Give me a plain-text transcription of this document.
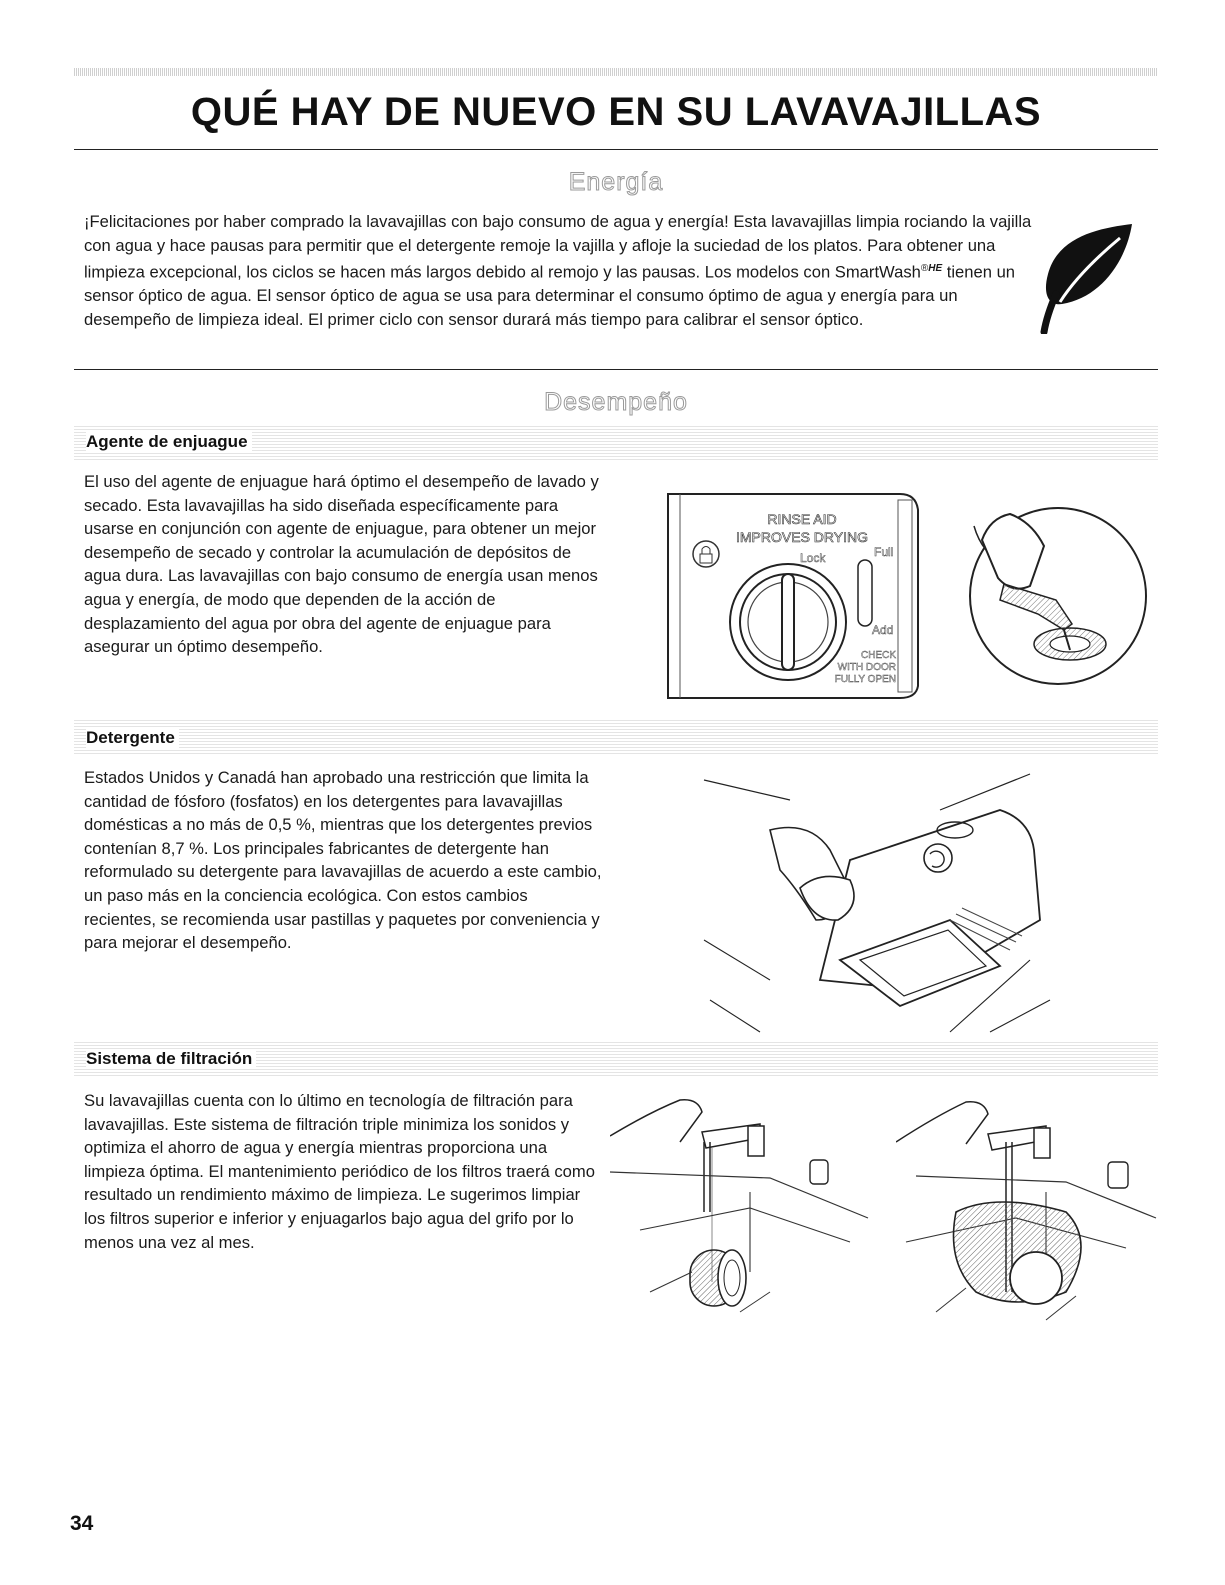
QUÉ HAY DE NUEVO EN SU LAVAVAJILLAS
Energía
¡Felicitaciones por haber comprado la lavavajillas con bajo consumo de agua y energía! Esta lavavajillas limpia rociando la vajilla con agua y hace pausas para permitir que el detergente remoje la vajilla y afloje la suciedad de los platos. Para obtener una limpieza excepcional, los ciclos se hacen más largos debido al remojo y las pausas. Los modelos con SmartWash$^{®HE}$ tienen un sensor óptico de agua. El sensor óptico de agua se usa para determinar el consumo óptimo de agua y energía para un desempeño de limpieza ideal. El primer ciclo con sensor durará más tiempo para calibrar el sensor óptico.
Desempeño
Agente de enjuague
El uso del agente de enjuague hará óptimo el desempeño de lavado y secado. Esta lavavajillas ha sido diseñada específicamente para usarse en conjunción con agente de enjuague, para obtener un mejor desempeño de secado y controlar la acumulación de depósitos de agua dura. Las lavavajillas con bajo consumo de energía usan menos agua y energía, de modo que dependen de la acción de desplazamiento del agua por obra del agente de enjuague para asegurar un óptimo desempeño.
RINSE AID
IMPROVES DRYING
Lock	Full
Add
CHECK
WITH DOOR
FULLY OPEN
Detergente
Estados Unidos y Canadá han aprobado una restricción que limita la cantidad de fósforo (fosfatos) en los detergentes para lavavajillas domésticas a no más de 0,5 %, mientras que los detergentes previos contenían 8,7 %. Los principales fabricantes de detergente han reformulado su detergente para lavavajillas de acuerdo a este cambio, un paso más en la conciencia ecológica. Con estos cambios recientes, se recomienda usar pastillas y paquetes por conveniencia y para mejorar el desempeño.
Sistema de filtración
Su lavavajillas cuenta con lo último en tecnología de filtración para lavavajillas. Este sistema de filtración triple minimiza los sonidos y optimiza el ahorro de agua y energía mientras proporciona una limpieza óptima. El mantenimiento periódico de los filtros traerá como resultado un rendimiento máximo de limpieza. Le sugerimos limpiar los filtros superior e inferior y enjuagarlos bajo agua del grifo por lo menos una vez al mes.
34
